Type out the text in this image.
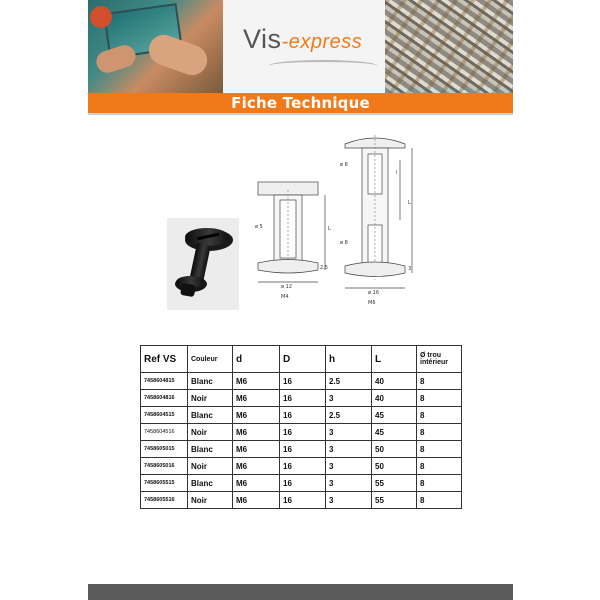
Vis-express
Fiche Technique
ø 5	L
2,5
ø 12
M4
ø 8
ø 8
l
L
3
ø 16
M6
Ref VS	Couleur	d	D	h	L	Ø trou intérieur
7458604815	Blanc	M6	16	2.5	40	8
7458604816	Noir	M6	16	3	40	8
7458604515	Blanc	M6	16	2.5	45	8
7458604516	Noir	M6	16	3	45	8
7458605015	Blanc	M6	16	3	50	8
7458605016	Noir	M6	16	3	50	8
7458605515	Blanc	M6	16	3	55	8
7458605516	Noir	M6	16	3	55	8
